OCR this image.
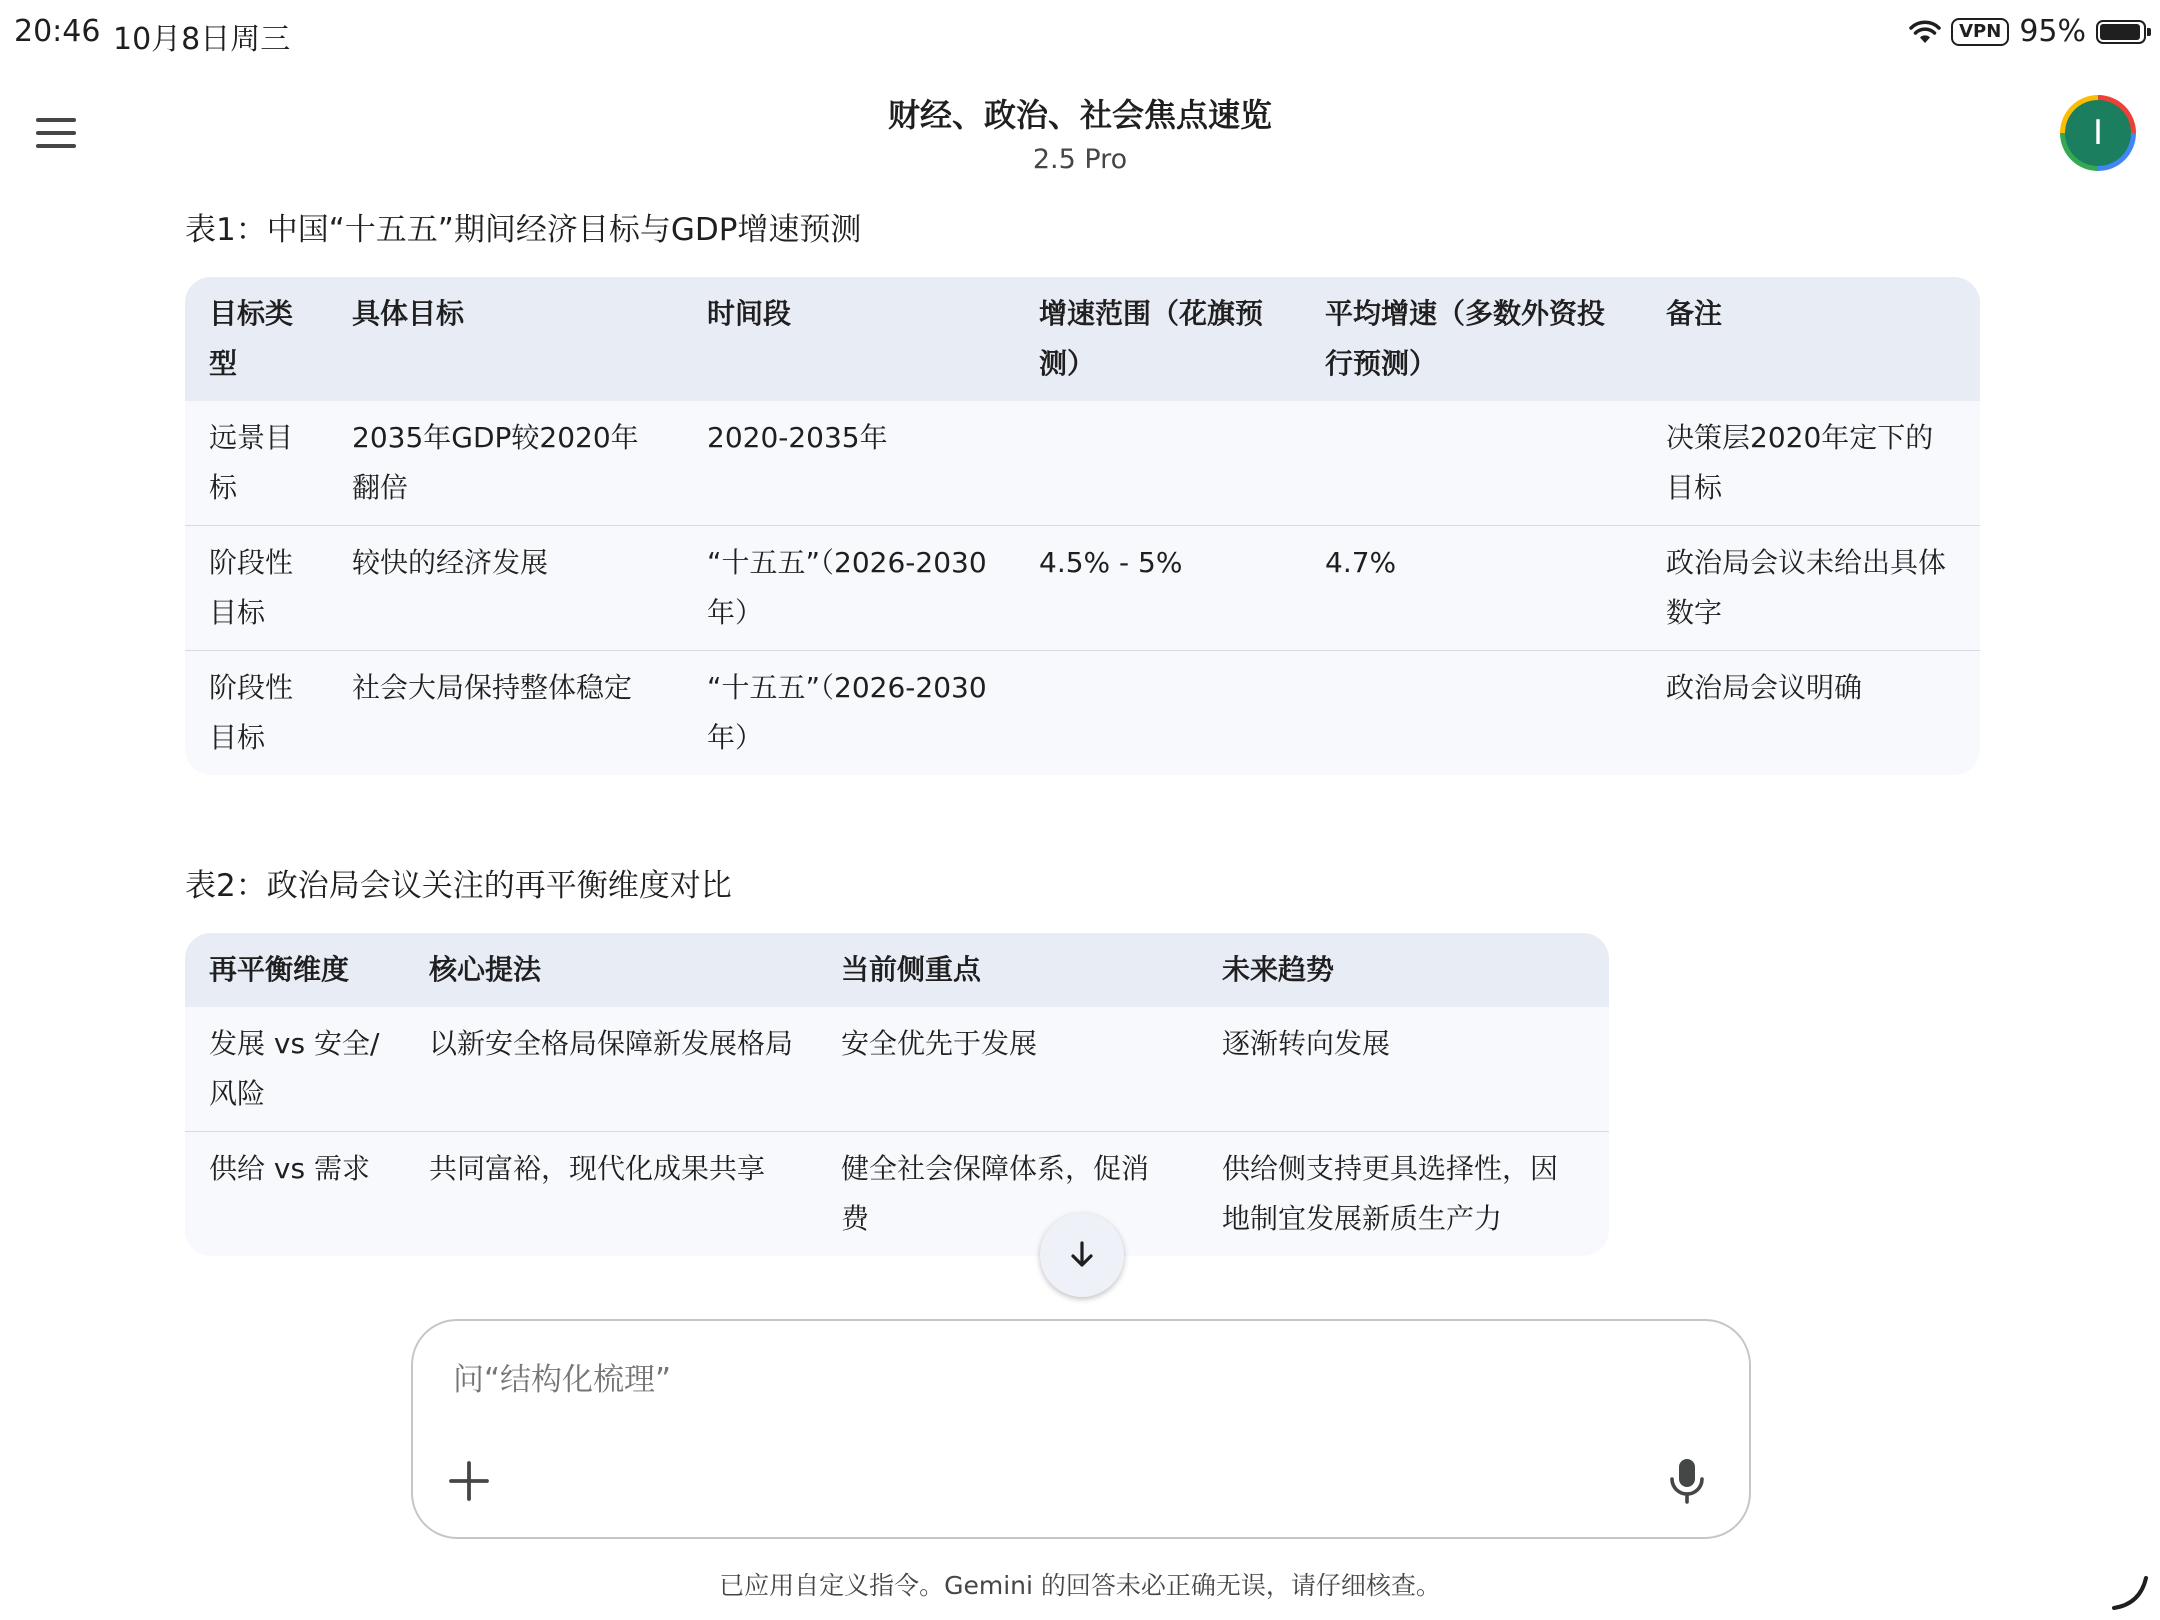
20:46 10月8日周三	VPN 95%
财经、政治、社会焦点速览
2.5 Pro
I
表1：中国“十五五”期间经济目标与GDP增速预测
目标类型	具体目标	时间段	增速范围（花旗预测）	平均增速（多数外资投行预测）	备注
远景目标	2035年GDP较2020年翻倍	2020-2035年			决策层2020年定下的目标
阶段性目标	较快的经济发展	“十五五”（2026-2030年）	4.5% - 5%	4.7%	政治局会议未给出具体数字
阶段性目标	社会大局保持整体稳定	“十五五”（2026-2030年）			政治局会议明确
表2：政治局会议关注的再平衡维度对比
再平衡维度	核心提法	当前侧重点	未来趋势
发展 vs 安全/风险	以新安全格局保障新发展格局	安全优先于发展	逐渐转向发展
供给 vs 需求	共同富裕，现代化成果共享	健全社会保障体系，促消费	供给侧支持更具选择性，因地制宜发展新质生产力
问“结构化梳理”
已应用自定义指令。Gemini 的回答未必正确无误，请仔细核查。
